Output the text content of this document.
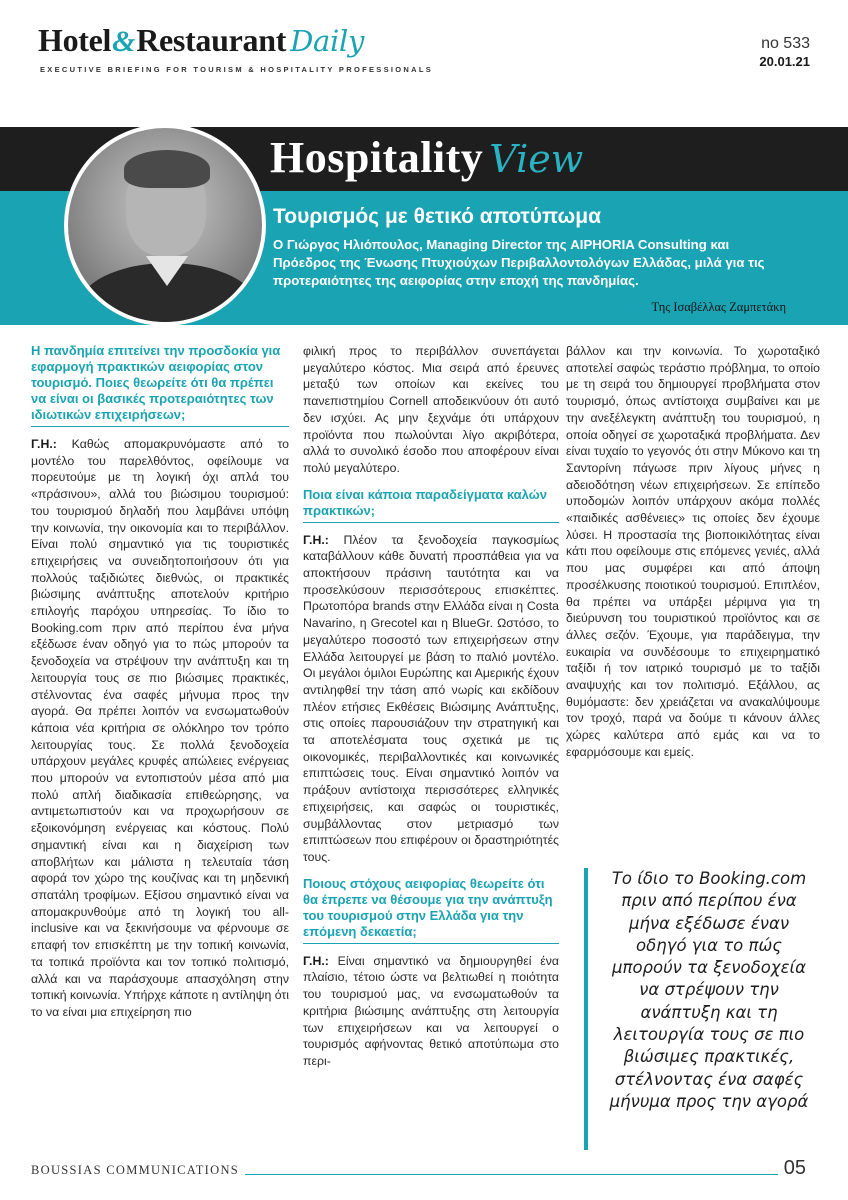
Hotel&Restaurant Daily
EXECUTIVE BRIEFING FOR TOURISM & HOSPITALITY PROFESSIONALS
no 533
20.01.21
Hospitality View
Τουρισμός με θετικό αποτύπωμα
Ο Γιώργος Ηλιόπουλος, Managing Director της AIPHORIA Consulting και Πρόεδρος της Ένωσης Πτυχιούχων Περιβαλλοντολόγων Ελλάδας, μιλά για τις προτεραιότητες της αειφορίας στην εποχή της πανδημίας.
Της Ισαβέλλας Ζαμπετάκη
Η πανδημία επιτείνει την προσδοκία για εφαρμογή πρακτικών αειφορίας στον τουρισμό. Ποιες θεωρείτε ότι θα πρέπει να είναι οι βασικές προτεραιότητες των ιδιωτικών επιχειρήσεων;

Γ.Η.: Καθώς απομακρυνόμαστε από το μοντέλο του παρελθόντος, οφείλουμε να πορευτούμε με τη λογική όχι απλά του «πράσινου», αλλά του βιώσιμου τουρισμού: του τουρισμού δηλαδή που λαμβάνει υπόψη την κοινωνία, την οικονομία και το περιβάλλον. Είναι πολύ σημαντικό για τις τουριστικές επιχειρήσεις να συνειδητοποιήσουν ότι για πολλούς ταξιδιώτες διεθνώς, οι πρακτικές βιώσιμης ανάπτυξης αποτελούν κριτήριο επιλογής παρόχου υπηρεσίας. Το ίδιο το Booking.com πριν από περίπου ένα μήνα εξέδωσε έναν οδηγό για το πώς μπορούν τα ξενοδοχεία να στρέψουν την ανάπτυξη και τη λειτουργία τους σε πιο βιώσιμες πρακτικές, στέλνοντας ένα σαφές μήνυμα προς την αγορά. Θα πρέπει λοιπόν να ενσωματωθούν κάποια νέα κριτήρια σε ολόκληρο τον τρόπο λειτουργίας τους. Σε πολλά ξενοδοχεία υπάρχουν μεγάλες κρυφές απώλειες ενέργειας που μπορούν να εντοπιστούν μέσα από μια πολύ απλή διαδικασία επιθεώρησης, να αντιμετωπιστούν και να προχωρήσουν σε εξοικονόμηση ενέργειας και κόστους. Πολύ σημαντική είναι και η διαχείριση των αποβλήτων και μάλιστα η τελευταία τάση αφορά τον χώρο της κουζίνας και τη μηδενική σπατάλη τροφίμων. Εξίσου σημαντικό είναι να απομακρυνθούμε από τη λογική του all-inclusive και να ξεκινήσουμε να φέρνουμε σε επαφή τον επισκέπτη με την τοπική κοινωνία, τα τοπικά προϊόντα και τον τοπικό πολιτισμό, αλλά και να παράσχουμε απασχόληση στην τοπική κοινωνία. Υπήρχε κάποτε η αντίληψη ότι το να είναι μια επιχείρηση πιο

φιλική προς το περιβάλλον συνεπάγεται μεγαλύτερο κόστος. Μια σειρά από έρευνες μεταξύ των οποίων και εκείνες του πανεπιστημίου Cornell αποδεικνύουν ότι αυτό δεν ισχύει. Ας μην ξεχνάμε ότι υπάρχουν προϊόντα που πωλούνται λίγο ακριβότερα, αλλά το συνολικό έσοδο που αποφέρουν είναι πολύ μεγαλύτερο.

Ποια είναι κάποια παραδείγματα καλών πρακτικών;

Γ.Η.: Πλέον τα ξενοδοχεία παγκοσμίως καταβάλλουν κάθε δυνατή προσπάθεια για να αποκτήσουν πράσινη ταυτότητα και να προσελκύσουν περισσότερους επισκέπτες. Πρωτοπόρα brands στην Ελλάδα είναι η Costa Navarino, η Grecotel και η BlueGr. Ωστόσο, το μεγαλύτερο ποσοστό των επιχειρήσεων στην Ελλάδα λειτουργεί με βάση το παλιό μοντέλο. Οι μεγάλοι όμιλοι Ευρώπης και Αμερικής έχουν αντιληφθεί την τάση από νωρίς και εκδίδουν πλέον ετήσιες Εκθέσεις Βιώσιμης Ανάπτυξης, στις οποίες παρουσιάζουν την στρατηγική και τα αποτελέσματα τους σχετικά με τις οικονομικές, περιβαλλοντικές και κοινωνικές επιπτώσεις τους. Είναι σημαντικό λοιπόν να πράξουν αντίστοιχα περισσότερες ελληνικές επιχειρήσεις, και σαφώς οι τουριστικές, συμβάλλοντας στον μετριασμό των επιπτώσεων που επιφέρουν οι δραστηριότητές τους.

Ποιους στόχους αειφορίας θεωρείτε ότι θα έπρεπε να θέσουμε για την ανάπτυξη του τουρισμού στην Ελλάδα για την επόμενη δεκαετία;

Γ.Η.: Είναι σημαντικό να δημιουργηθεί ένα πλαίσιο, τέτοιο ώστε να βελτιωθεί η ποιότητα του τουρισμού μας, να ενσωματωθούν τα κριτήρια βιώσιμης ανάπτυξης στη λειτουργία των επιχειρήσεων και να λειτουργεί ο τουρισμός αφήνοντας θετικό αποτύπωμα στο περι-

βάλλον και την κοινωνία. Το χωροταξικό αποτελεί σαφώς τεράστιο πρόβλημα, το οποίο με τη σειρά του δημιουργεί προβλήματα στον τουρισμό, όπως αντίστοιχα συμβαίνει και με την ανεξέλεγκτη ανάπτυξη του τουρισμού, η οποία οδηγεί σε χωροταξικά προβλήματα. Δεν είναι τυχαίο το γεγονός ότι στην Μύκονο και τη Σαντορίνη πάγωσε πριν λίγους μήνες η αδειοδότηση νέων επιχειρήσεων. Σε επίπεδο υποδομών λοιπόν υπάρχουν ακόμα πολλές «παιδικές ασθένειες» τις οποίες δεν έχουμε λύσει. Η προστασία της βιοποικιλότητας είναι κάτι που οφείλουμε στις επόμενες γενιές, αλλά που μας συμφέρει και από άποψη προσέλκυσης ποιοτικού τουρισμού. Επιπλέον, θα πρέπει να υπάρξει μέριμνα για τη διεύρυνση του τουριστικού προϊόντος και σε άλλες σεζόν. Έχουμε, για παράδειγμα, την ευκαιρία να συνδέσουμε το επιχειρηματικό ταξίδι ή τον ιατρικό τουρισμό με το ταξίδι αναψυχής και τον πολιτισμό. Εξάλλου, ας θυμόμαστε: δεν χρειάζεται να ανακαλύψουμε τον τροχό, παρά να δούμε τι κάνουν άλλες χώρες καλύτερα από εμάς και να το εφαρμόσουμε και εμείς.

Το ίδιο το Booking.com πριν από περίπου ένα μήνα εξέδωσε έναν οδηγό για το πώς μπορούν τα ξενοδοχεία να στρέψουν την ανάπτυξη και τη λειτουργία τους σε πιο βιώσιμες πρακτικές, στέλνοντας ένα σαφές μήνυμα προς την αγορά

BOUSSIAS COMMUNICATIONS	05
